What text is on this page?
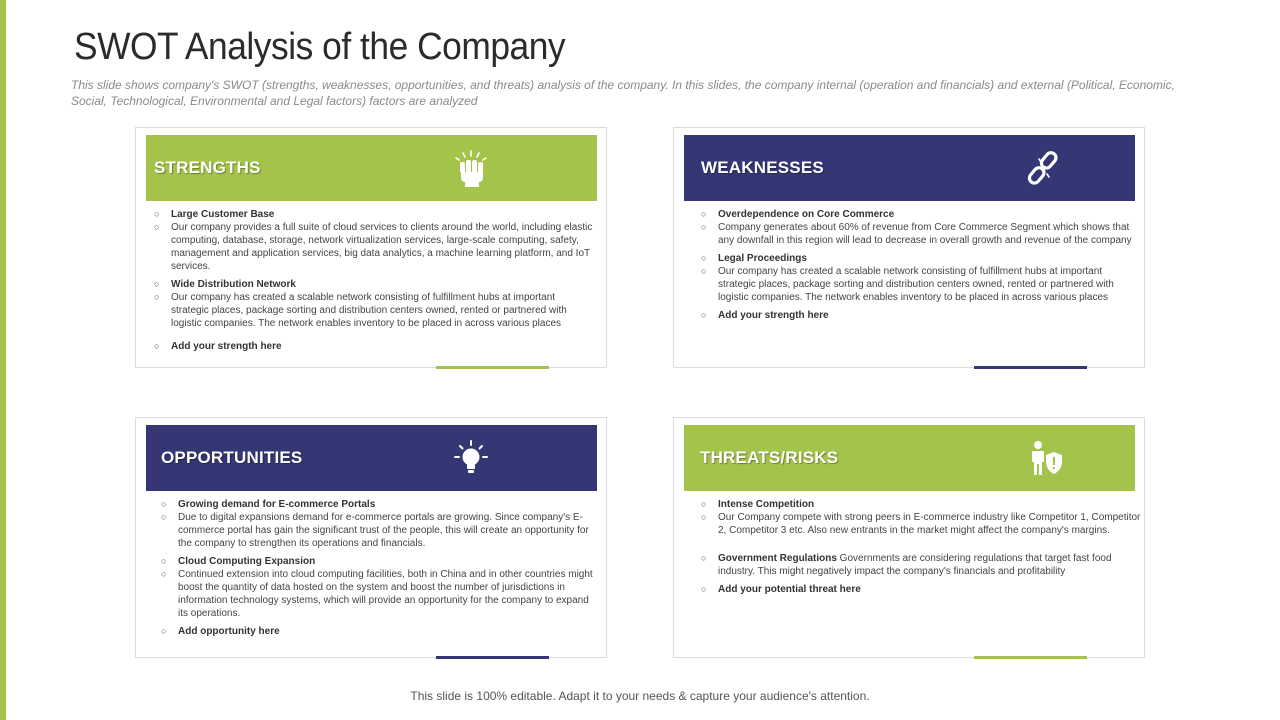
SWOT Analysis of the Company

This slide shows company's SWOT (strengths, weaknesses, opportunities, and threats) analysis of the company. In this slides, the company internal (operation and financials) and external (Political, Economic, Social, Technological, Environmental and Legal factors) factors are analyzed

STRENGTHS
○	Large Customer Base
○	Our company provides a full suite of cloud services to clients around the world, including elastic computing, database, storage, network virtualization services, large-scale computing, safety, management and application services, big data analytics, a machine learning platform, and IoT services.
○	Wide Distribution Network
○	Our company has created a scalable network consisting of fulfillment hubs at important strategic places, package sorting and distribution centers owned, rented or partnered with logistic companies. The network enables inventory to be placed in across various places
○	Add your strength here
WEAKNESSES
○	Overdependence on Core Commerce
○	Company generates about 60% of revenue from Core Commerce Segment which shows that any downfall in this region will lead to decrease in overall growth and revenue of the company
○	Legal Proceedings
○	Our company has created a scalable network consisting of fulfillment hubs at important strategic places, package sorting and distribution centers owned, rented or partnered with logistic companies. The network enables inventory to be placed in across various places
○	Add your strength here
OPPORTUNITIES
○	Growing demand for E-commerce Portals
○	Due to digital expansions demand for e-commerce portals are growing. Since company's E-commerce portal has gain the significant trust of the people, this will create an opportunity for the company to strengthen its operations and financials.
○	Cloud Computing Expansion
○	Continued extension into cloud computing facilities, both in China and in other countries might boost the quantity of data hosted on the system and boost the number of jurisdictions in information technology systems, which will provide an opportunity for the company to expand its operations.
○	Add opportunity here
THREATS/RISKS
○	Intense Competition
○	Our Company compete with strong peers in E-commerce industry like Competitor 1, Competitor 2, Competitor 3 etc. Also new entrants in the market might affect the company's margins.
○	Government Regulations Governments are considering regulations that target fast food industry. This might negatively impact the company's financials and profitability
○	Add your potential threat here
This slide is 100% editable. Adapt it to your needs & capture your audience's attention.
